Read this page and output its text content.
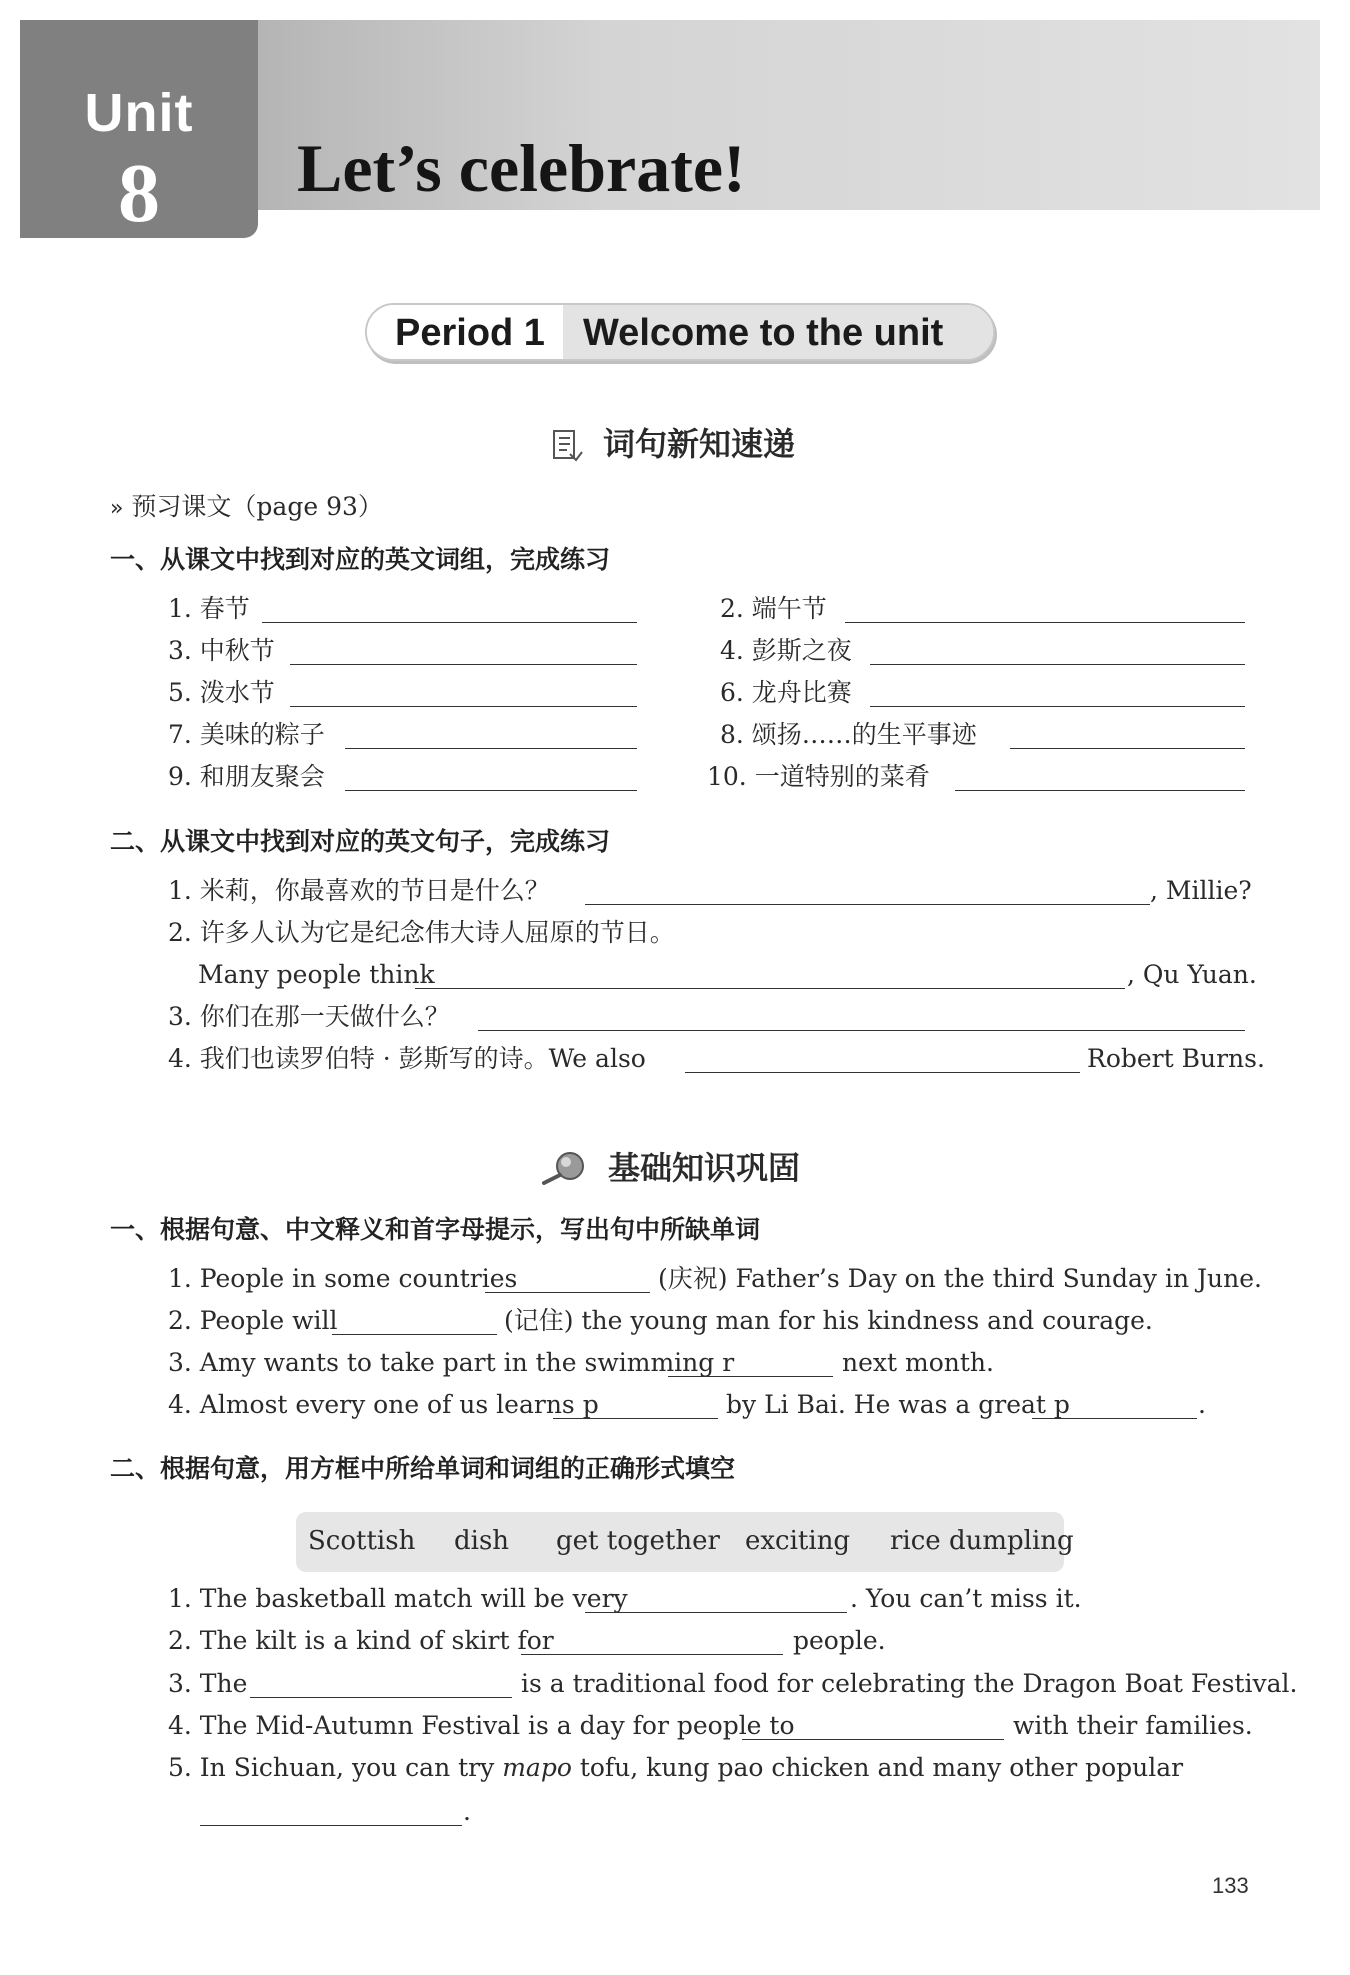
Unit
8	Let’s celebrate!
Period 1 Welcome to the unit
词句新知速递
» 预习课文（page 93）
一、从课文中找到对应的英文词组，完成练习
1. 春节	2. 端午节
3. 中秋节	4. 彭斯之夜
5. 泼水节	6. 龙舟比赛
7. 美味的粽子	8. 颂扬……的生平事迹
9. 和朋友聚会	10. 一道特别的菜肴
二、从课文中找到对应的英文句子，完成练习
1. 米莉，你最喜欢的节日是什么？	, Millie?
2. 许多人认为它是纪念伟大诗人屈原的节日。
Many people think	, Qu Yuan.
3. 你们在那一天做什么？
4. 我们也读罗伯特 · 彭斯写的诗。We also	Robert Burns.
基础知识巩固
一、根据句意、中文释义和首字母提示，写出句中所缺单词
1. People in some countries	(庆祝) Father’s Day on the third Sunday in June.
2. People will	(记住) the young man for his kindness and courage.
3. Amy wants to take part in the swimming r	next month.
4. Almost every one of us learns p	by Li Bai. He was a great p	.
二、根据句意，用方框中所给单词和词组的正确形式填空
Scottish dish get together exciting rice dumpling
1. The basketball match will be very	. You can’t miss it.
2. The kilt is a kind of skirt for	people.
3. The	is a traditional food for celebrating the Dragon Boat Festival.
4. The Mid-Autumn Festival is a day for people to	with their families.
5. In Sichuan, you can try mapo tofu, kung pao chicken and many other popular
.
133
